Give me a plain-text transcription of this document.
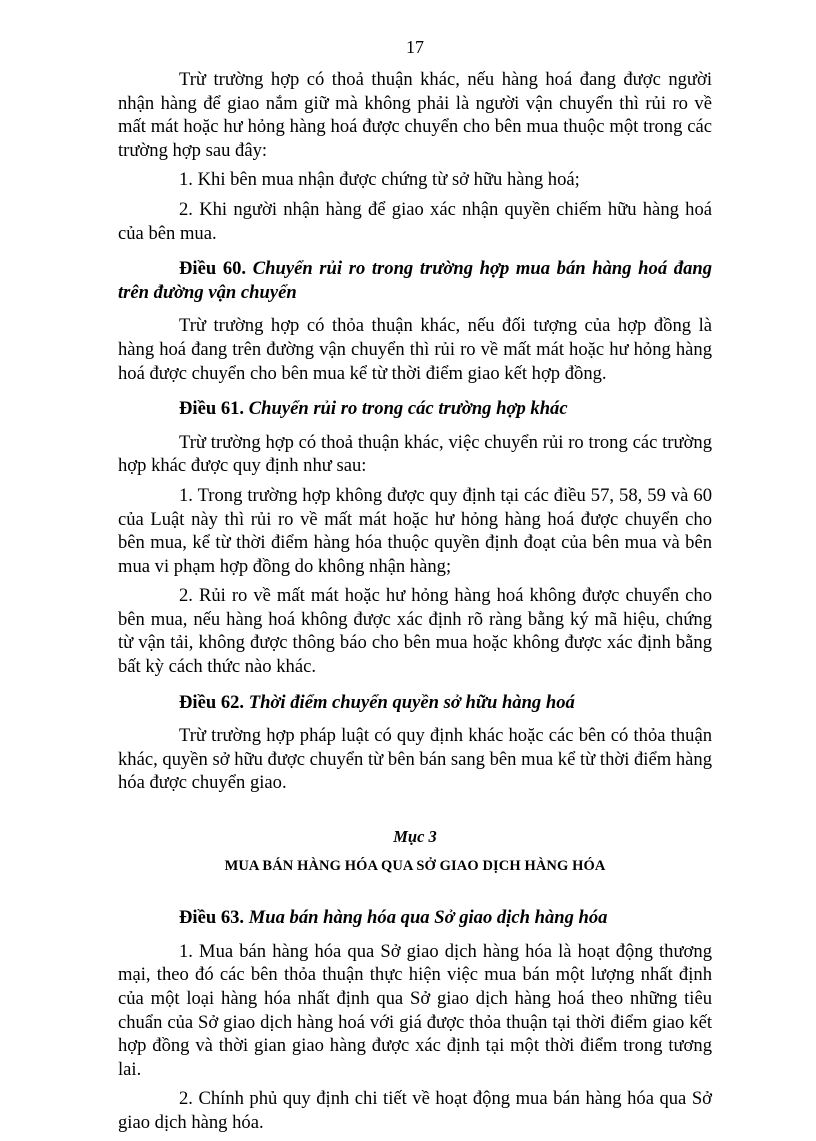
17

Trừ trường hợp có thoả thuận khác, nếu hàng hoá đang được người nhận hàng để giao nắm giữ mà không phải là người vận chuyển thì rủi ro về mất mát hoặc hư hỏng hàng hoá được chuyển cho bên mua thuộc một trong các trường hợp sau đây:

1. Khi bên mua nhận được chứng từ sở hữu hàng hoá;

2. Khi người nhận hàng để giao xác nhận quyền chiếm hữu hàng hoá của bên mua.

Điều 60. Chuyển rủi ro trong trường hợp mua bán hàng hoá đang trên đường vận chuyển

Trừ trường hợp có thỏa thuận khác, nếu đối tượng của hợp đồng là hàng hoá đang trên đường vận chuyển thì rủi ro về mất mát hoặc hư hỏng hàng hoá được chuyển cho bên mua kể từ thời điểm giao kết hợp đồng.

Điều 61. Chuyển rủi ro trong các trường hợp khác

Trừ trường hợp có thoả thuận khác, việc chuyển rủi ro trong các trường hợp khác được quy định như sau:

1. Trong trường hợp không được quy định tại các điều 57, 58, 59 và 60 của Luật này thì rủi ro về mất mát hoặc hư hỏng hàng hoá được chuyển cho bên mua, kể từ thời điểm hàng hóa thuộc quyền định đoạt của bên mua và bên mua vi phạm hợp đồng do không nhận hàng;

2. Rủi ro về mất mát hoặc hư hỏng hàng hoá không được chuyển cho bên mua, nếu hàng hoá không được xác định rõ ràng bằng ký mã hiệu, chứng từ vận tải, không được thông báo cho bên mua hoặc không được xác định bằng bất kỳ cách thức nào khác.

Điều 62. Thời điểm chuyển quyền sở hữu hàng hoá

Trừ trường hợp pháp luật có quy định khác hoặc các bên có thỏa thuận khác, quyền sở hữu được chuyển từ bên bán sang bên mua kể từ thời điểm hàng hóa được chuyển giao.

Mục 3
MUA BÁN HÀNG HÓA QUA SỞ GIAO DỊCH HÀNG HÓA

Điều 63. Mua bán hàng hóa qua Sở giao dịch hàng hóa

1. Mua bán hàng hóa qua Sở giao dịch hàng hóa là hoạt động thương mại, theo đó các bên thỏa thuận thực hiện việc mua bán một lượng nhất định của một loại hàng hóa nhất định qua Sở giao dịch hàng hoá theo những tiêu chuẩn của Sở giao dịch hàng hoá với giá được thỏa thuận tại thời điểm giao kết hợp đồng và thời gian giao hàng được xác định tại một thời điểm trong tương lai.

2. Chính phủ quy định chi tiết về hoạt động mua bán hàng hóa qua Sở giao dịch hàng hóa.
